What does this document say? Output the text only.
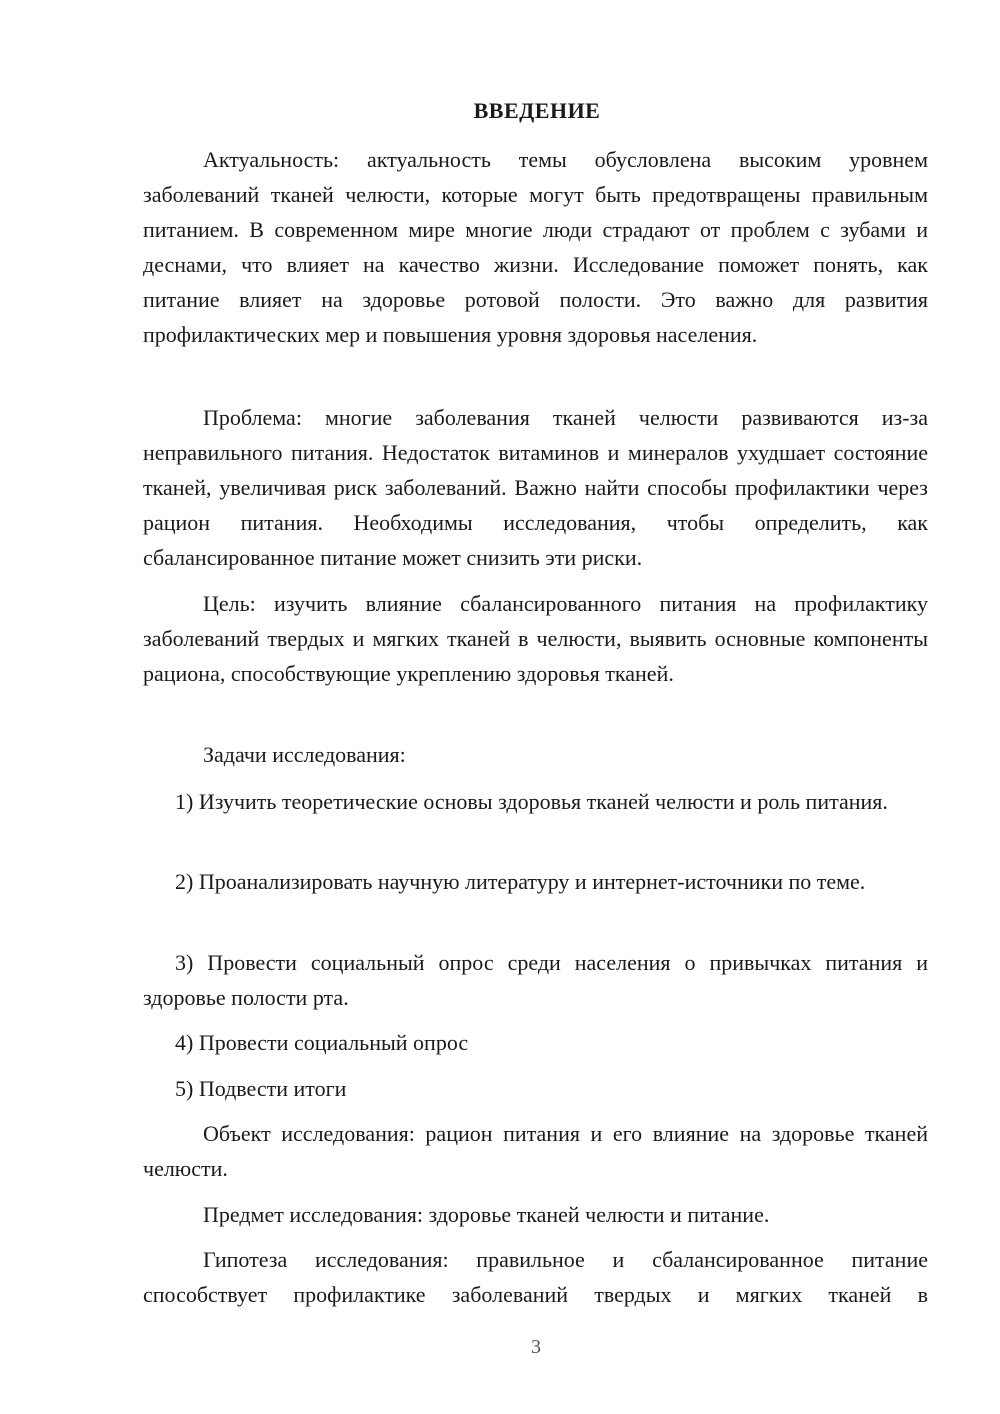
ВВЕДЕНИЕ

Актуальность: актуальность темы обусловлена высоким уровнем заболеваний тканей челюсти, которые могут быть предотвращены правильным питанием. В современном мире многие люди страдают от проблем с зубами и деснами, что влияет на качество жизни. Исследование поможет понять, как питание влияет на здоровье ротовой полости. Это важно для развития профилактических мер и повышения уровня здоровья населения.

Проблема: многие заболевания тканей челюсти развиваются из-за неправильного питания. Недостаток витаминов и минералов ухудшает состояние тканей, увеличивая риск заболеваний. Важно найти способы профилактики через рацион питания. Необходимы исследования, чтобы определить, как сбалансированное питание может снизить эти риски.

Цель: изучить влияние сбалансированного питания на профилактику заболеваний твердых и мягких тканей в челюсти, выявить основные компоненты рациона, способствующие укреплению здоровья тканей.

Задачи исследования:

1) Изучить теоретические основы здоровья тканей челюсти и роль питания.

2) Проанализировать научную литературу и интернет-источники по теме.

3) Провести социальный опрос среди населения о привычках питания и здоровье полости рта.

4) Провести социальный опрос

5) Подвести итоги

Объект исследования: рацион питания и его влияние на здоровье тканей челюсти.

Предмет исследования: здоровье тканей челюсти и питание.

Гипотеза исследования: правильное и сбалансированное питание способствует профилактике заболеваний твердых и мягких тканей в

3
